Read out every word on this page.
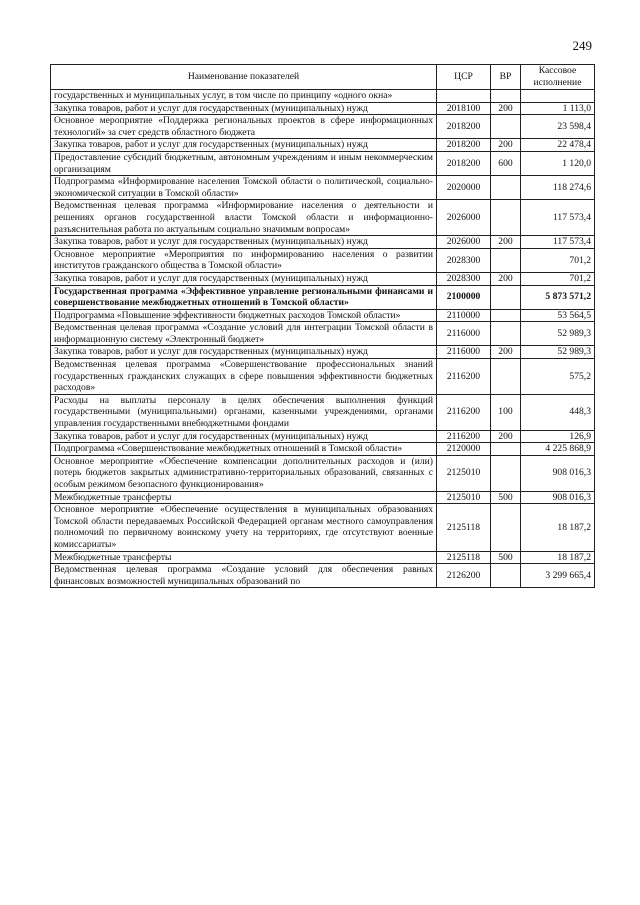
249
Наименование показателей	ЦСР	ВР	Кассовое исполнение
государственных и муниципальных услуг, в том числе по принципу «одного окна»			
Закупка товаров, работ и услуг для государственных (муниципальных) нужд	2018100	200	1 113,0
Основное мероприятие «Поддержка региональных проектов в сфере информационных технологий» за счет средств областного бюджета	2018200		23 598,4
Закупка товаров, работ и услуг для государственных (муниципальных) нужд	2018200	200	22 478,4
Предоставление субсидий бюджетным, автономным учреждениям и иным некоммерческим организациям	2018200	600	1 120,0
Подпрограмма «Информирование населения Томской области о политической, социально-экономической ситуации в Томской области»	2020000		118 274,6
Ведомственная целевая программа «Информирование населения о деятельности и решениях органов государственной власти Томской области и информационно-разъяснительная работа по актуальным социально значимым вопросам»	2026000		117 573,4
Закупка товаров, работ и услуг для государственных (муниципальных) нужд	2026000	200	117 573,4
Основное мероприятие «Мероприятия по информированию населения о развитии институтов гражданского общества в Томской области»	2028300		701,2
Закупка товаров, работ и услуг для государственных (муниципальных) нужд	2028300	200	701,2
Государственная программа «Эффективное управление региональными финансами и совершенствование межбюджетных отношений в Томской области»	2100000		5 873 571,2
Подпрограмма «Повышение эффективности бюджетных расходов Томской области»	2110000		53 564,5
Ведомственная целевая программа «Создание условий для интеграции Томской области в информационную систему «Электронный бюджет»	2116000		52 989,3
Закупка товаров, работ и услуг для государственных (муниципальных) нужд	2116000	200	52 989,3
Ведомственная целевая программа «Совершенствование профессиональных знаний государственных гражданских служащих в сфере повышения эффективности бюджетных расходов»	2116200		575,2
Расходы на выплаты персоналу в целях обеспечения выполнения функций государственными (муниципальными) органами, казенными учреждениями, органами управления государственными внебюджетными фондами	2116200	100	448,3
Закупка товаров, работ и услуг для государственных (муниципальных) нужд	2116200	200	126,9
Подпрограмма «Совершенствование межбюджетных отношений в Томской области»	2120000		4 225 868,9
Основное мероприятие «Обеспечение компенсации дополнительных расходов и (или) потерь бюджетов закрытых административно-территориальных образований, связанных с особым режимом безопасного функционирования»	2125010		908 016,3
Межбюджетные трансферты	2125010	500	908 016,3
Основное мероприятие «Обеспечение осуществления в муниципальных образованиях Томской области передаваемых Российской Федерацией органам местного самоуправления полномочий по первичному воинскому учету на территориях, где отсутствуют военные комиссариаты»	2125118		18 187,2
Межбюджетные трансферты	2125118	500	18 187,2
Ведомственная целевая программа «Создание условий для обеспечения равных финансовых возможностей муниципальных образований по	2126200		3 299 665,4
